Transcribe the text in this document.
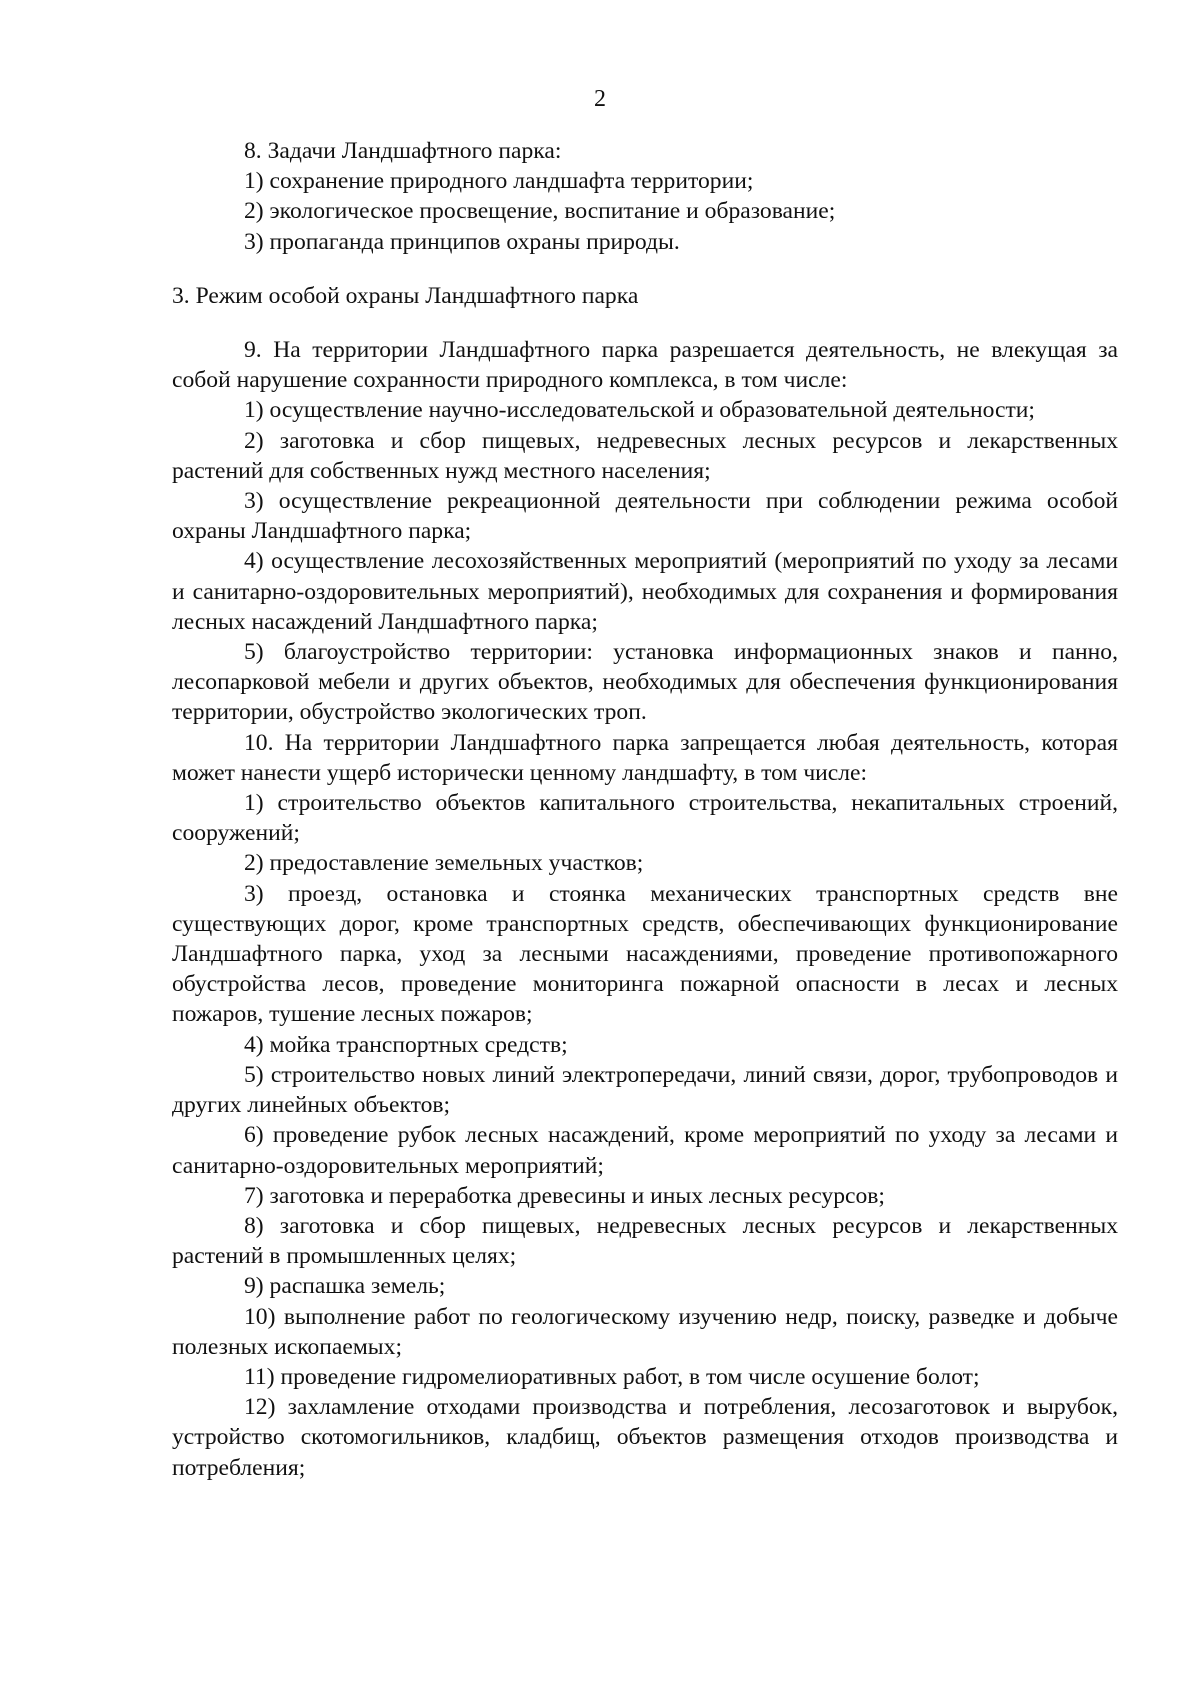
2

8. Задачи Ландшафтного парка:

1) сохранение природного ландшафта территории;

2) экологическое просвещение, воспитание и образование;

3) пропаганда принципов охраны природы.

3. Режим особой охраны Ландшафтного парка

9. На территории Ландшафтного парка разрешается деятельность, не влекущая за собой нарушение сохранности природного комплекса, в том числе:

1) осуществление научно-исследовательской и образовательной деятельности;

2) заготовка и сбор пищевых, недревесных лесных ресурсов и лекарственных растений для собственных нужд местного населения;

3) осуществление рекреационной деятельности при соблюдении режима особой охраны Ландшафтного парка;

4) осуществление лесохозяйственных мероприятий (мероприятий по уходу за лесами и санитарно-оздоровительных мероприятий), необходимых для сохранения и формирования лесных насаждений Ландшафтного парка;

5) благоустройство территории: установка информационных знаков и панно, лесопарковой мебели и других объектов, необходимых для обеспечения функционирования территории, обустройство экологических троп.

10. На территории Ландшафтного парка запрещается любая деятельность, которая может нанести ущерб исторически ценному ландшафту, в том числе:

1) строительство объектов капитального строительства, некапитальных строений, сооружений;

2) предоставление земельных участков;

3) проезд, остановка и стоянка механических транспортных средств вне существующих дорог, кроме транспортных средств, обеспечивающих функционирование Ландшафтного парка, уход за лесными насаждениями, проведение противопожарного обустройства лесов, проведение мониторинга пожарной опасности в лесах и лесных пожаров, тушение лесных пожаров;

4) мойка транспортных средств;

5) строительство новых линий электропередачи, линий связи, дорог, трубопроводов и других линейных объектов;

6) проведение рубок лесных насаждений, кроме мероприятий по уходу за лесами и санитарно-оздоровительных мероприятий;

7) заготовка и переработка древесины и иных лесных ресурсов;

8) заготовка и сбор пищевых, недревесных лесных ресурсов и лекарственных растений в промышленных целях;

9) распашка земель;

10) выполнение работ по геологическому изучению недр, поиску, разведке и добыче полезных ископаемых;

11) проведение гидромелиоративных работ, в том числе осушение болот;

12) захламление отходами производства и потребления, лесозаготовок и вырубок, устройство скотомогильников, кладбищ, объектов размещения отходов производства и потребления;
